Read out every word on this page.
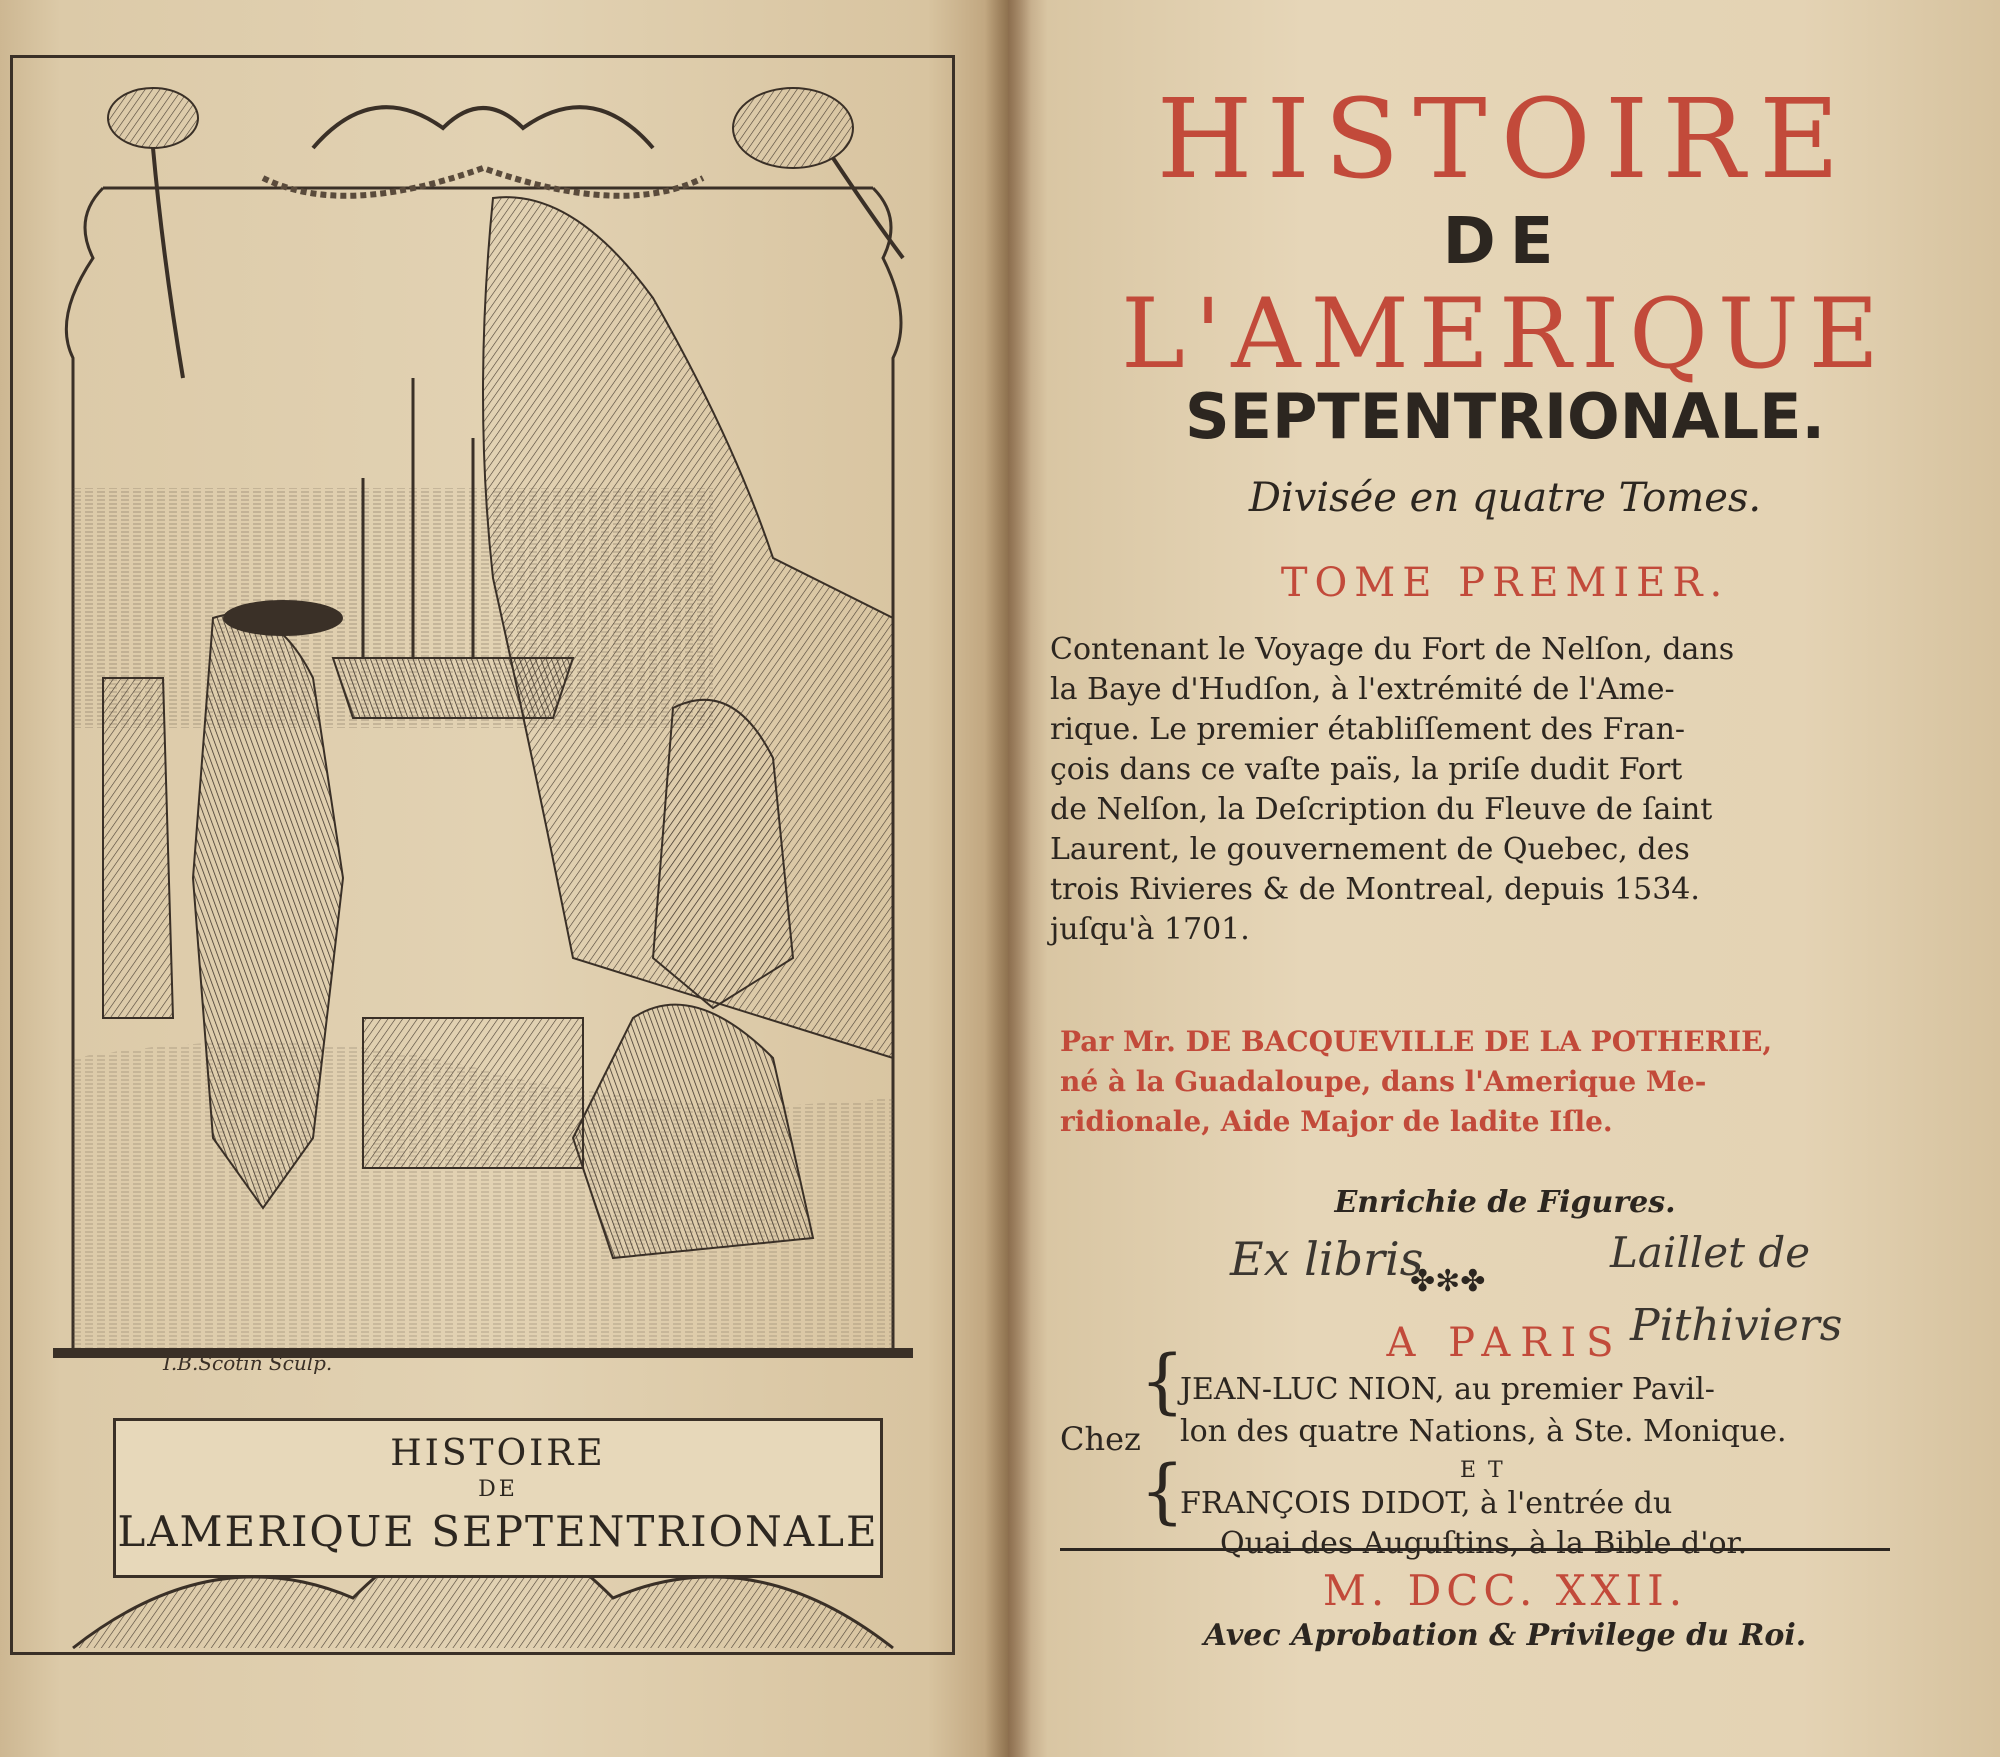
I.B.Scotin Sculp.
HISTOIRE
DE
LAMERIQUE SEPTENTRIONALE
HISTOIRE
DE
L'AMERIQUE
SEPTENTRIONALE.
Divisée en quatre Tomes.
TOME PREMIER.
Contenant le Voyage du Fort de Nelſon, dans
la Baye d'Hudſon, à l'extrémité de l'Ame-
rique. Le premier établiſſement des Fran-
çois dans ce vaſte païs, la priſe dudit Fort
de Nelſon, la Deſcription du Fleuve de ſaint
Laurent, le gouvernement de Quebec, des
trois Rivieres & de Montreal, depuis 1534.
juſqu'à 1701.
Par Mr. DE BACQUEVILLE DE LA POTHERIE,
né à la Guadaloupe, dans l'Amerique Me-
ridionale, Aide Major de ladite Iſle.
Enrichie de Figures.
✤✻✤
Ex libris	Laillet de
Pithiviers
A PARIS
Chez
{
{
JEAN-LUC NION, au premier Pavil-
lon des quatre Nations, à Ste. Monique.
ET
FRANÇOIS DIDOT, à l'entrée du
Quai des Auguſtins, à la Bible d'or.
M. DCC. XXII.
Avec Aprobation & Privilege du Roi.
